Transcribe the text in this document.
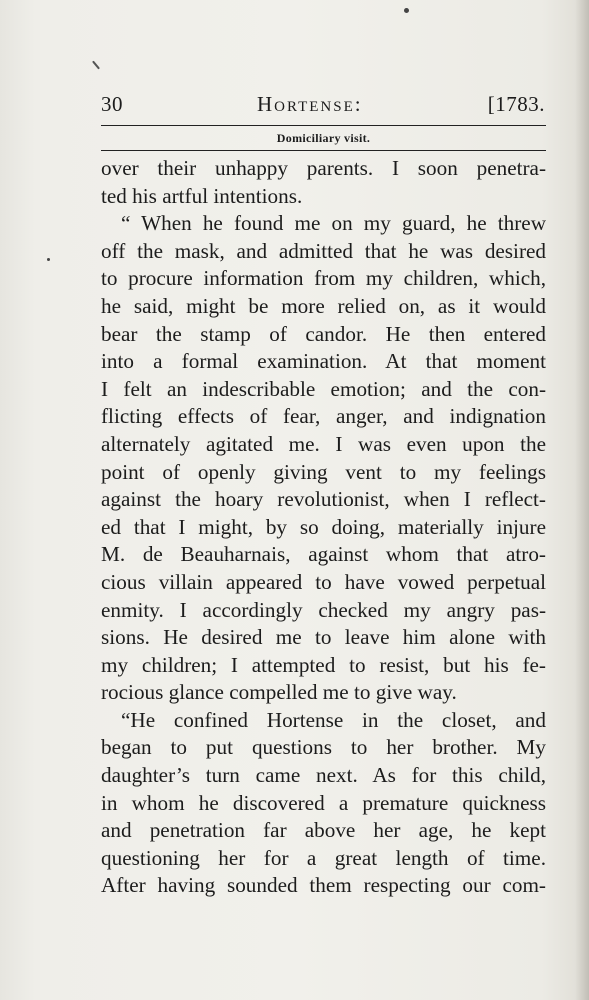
30	Hortense:	[1783.
Domiciliary visit.
over their unhappy parents. I soon penetra-
ted his artful intentions.
“ When he found me on my guard, he threw
off the mask, and admitted that he was desired
to procure information from my children, which,
he said, might be more relied on, as it would
bear the stamp of candor. He then entered
into a formal examination. At that moment
I felt an indescribable emotion; and the con-
flicting effects of fear, anger, and indignation
alternately agitated me. I was even upon the
point of openly giving vent to my feelings
against the hoary revolutionist, when I reflect-
ed that I might, by so doing, materially injure
M. de Beauharnais, against whom that atro-
cious villain appeared to have vowed perpetual
enmity. I accordingly checked my angry pas-
sions. He desired me to leave him alone with
my children; I attempted to resist, but his fe-
rocious glance compelled me to give way.
“He confined Hortense in the closet, and
began to put questions to her brother. My
daughter’s turn came next. As for this child,
in whom he discovered a premature quickness
and penetration far above her age, he kept
questioning her for a great length of time.
After having sounded them respecting our com-
